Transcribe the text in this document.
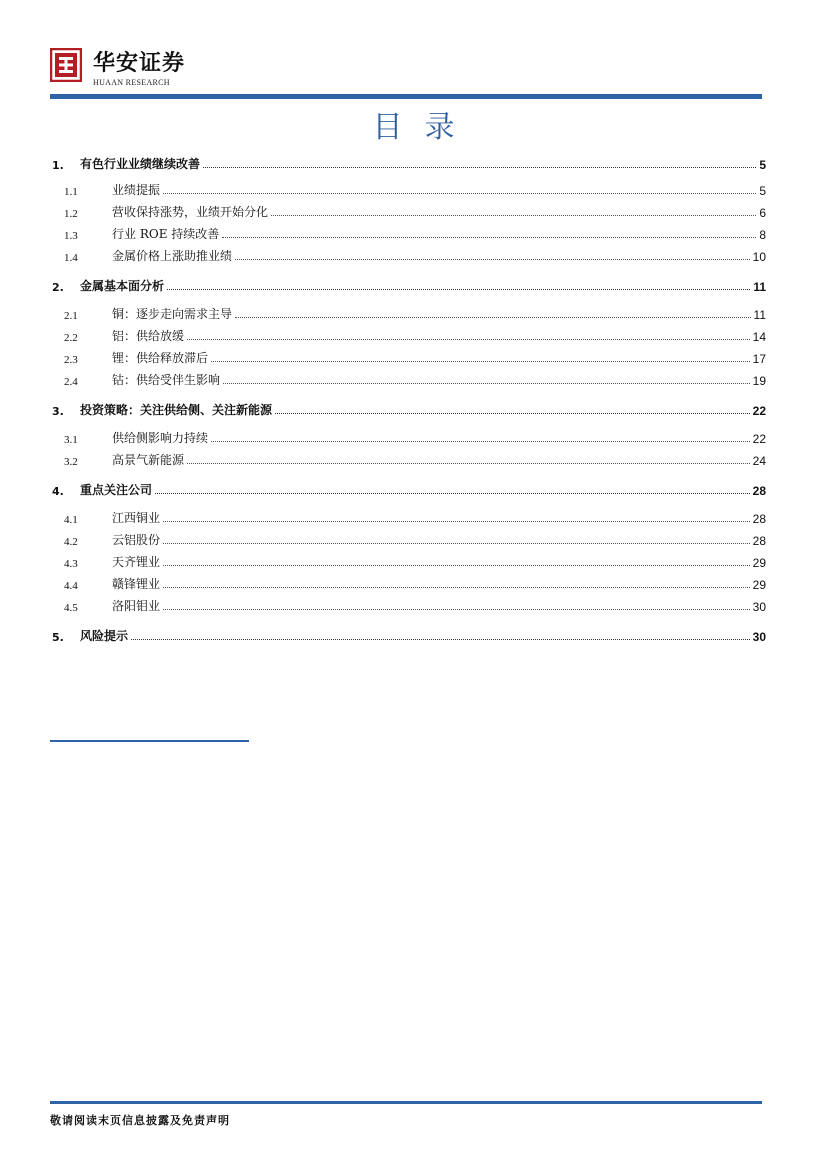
华安证券
HUAAN RESEARCH
目录
1.	有色行业业绩继续改善	5
1.1	业绩提振	5
1.2	营收保持涨势，业绩开始分化	6
1.3	行业 ROE 持续改善	8
1.4	金属价格上涨助推业绩	10
2.	金属基本面分析	11
2.1	铜：逐步走向需求主导	11
2.2	铝：供给放缓	14
2.3	锂：供给释放滞后	17
2.4	钴：供给受伴生影响	19
3.	投资策略：关注供给侧、关注新能源	22
3.1	供给侧影响力持续	22
3.2	高景气新能源	24
4.	重点关注公司	28
4.1	江西铜业	28
4.2	云铝股份	28
4.3	天齐锂业	29
4.4	赣锋锂业	29
4.5	洛阳钼业	30
5.	风险提示	30
敬请阅读末页信息披露及免责声明
